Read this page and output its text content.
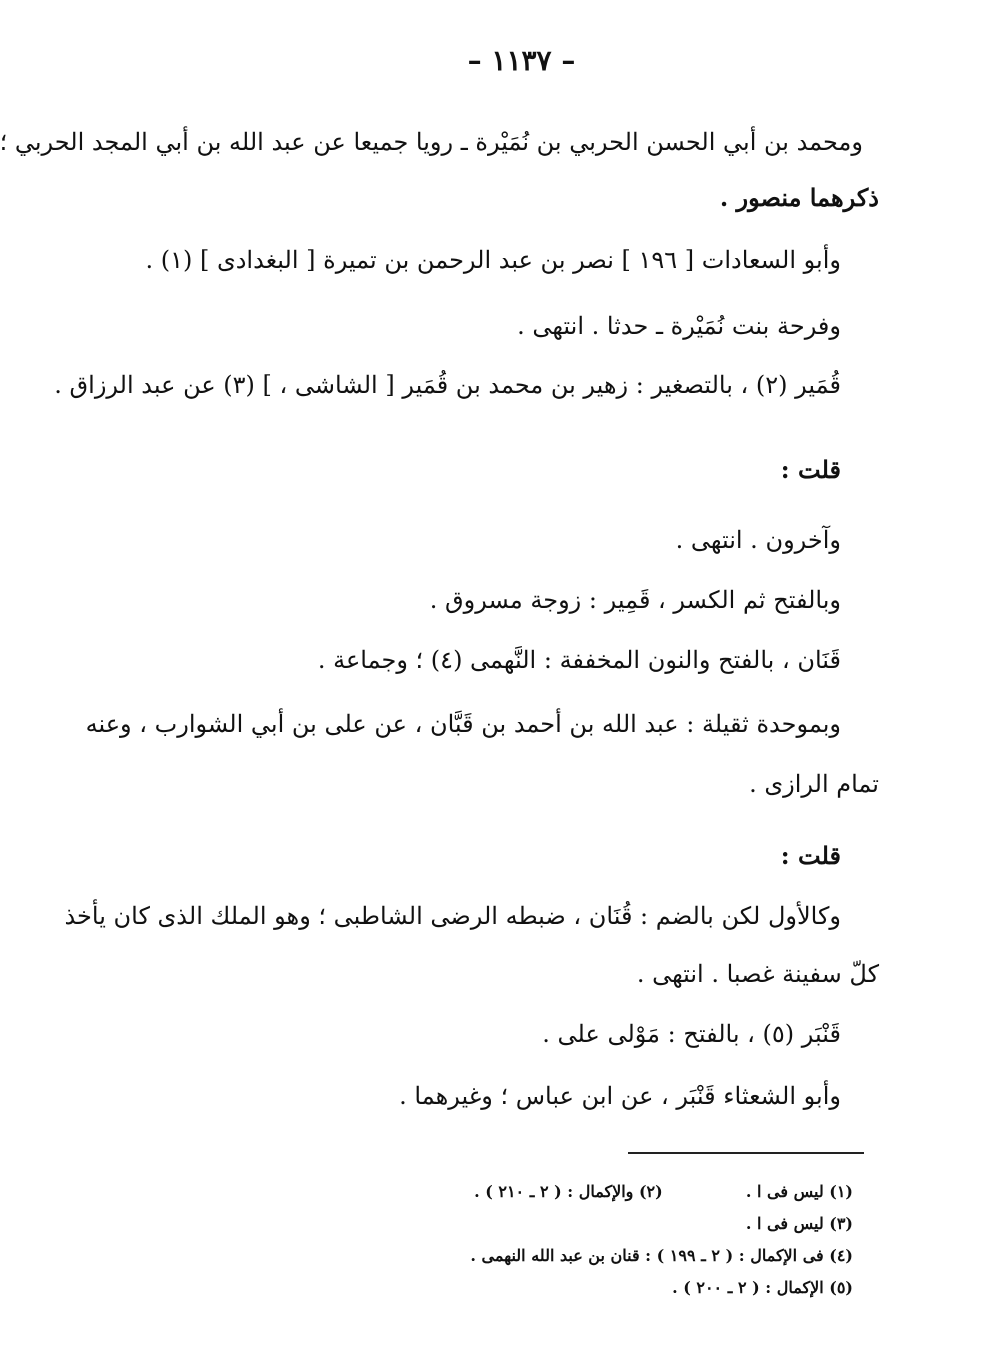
– ١١٣٧ –
ومحمد بن أبي الحسن الحربي بن نُمَيْرة ـ رويا جميعا عن عبد الله بن أبي المجد الحربي ؛
ذكرهما منصور .
وأبو السعادات [ ١٩٦ ] نصر بن عبد الرحمن بن تميرة [ البغدادى ] (١) .
وفرحة بنت نُمَيْرة ـ حدثا . انتهى .
قُمَير (٢) ، بالتصغير : زهير بن محمد بن قُمَير [ الشاشى ، ] (٣) عن عبد الرزاق .
قلت :
وآخرون . انتهى .
وبالفتح ثم الكسر ، قَمِير : زوجة مسروق .
قَنَان ، بالفتح والنون المخففة : النَّهمى (٤) ؛ وجماعة .
وبموحدة ثقيلة : عبد الله بن أحمد بن قَبَّان ، عن على بن أبي الشوارب ، وعنه
تمام الرازى .
قلت :
وكالأول لكن بالضم : قُنَان ، ضبطه الرضى الشاطبى ؛ وهو الملك الذى كان يأخذ
كلّ سفينة غصبا . انتهى .
قَنْبَر (٥) ، بالفتح : مَوْلى على .
وأبو الشعثاء قَنْبَر ، عن ابن عباس ؛ وغيرهما .
(١) ليس فى ا .  (٢) والإكمال : ( ٢ ـ ٢١٠ ) .
(٣) ليس فى ا .
(٤) فى الإكمال : ( ٢ ـ ١٩٩ ) : قنان بن عبد الله النهمى .
(٥) الإكمال : ( ٢ ـ ٢٠٠ ) .
